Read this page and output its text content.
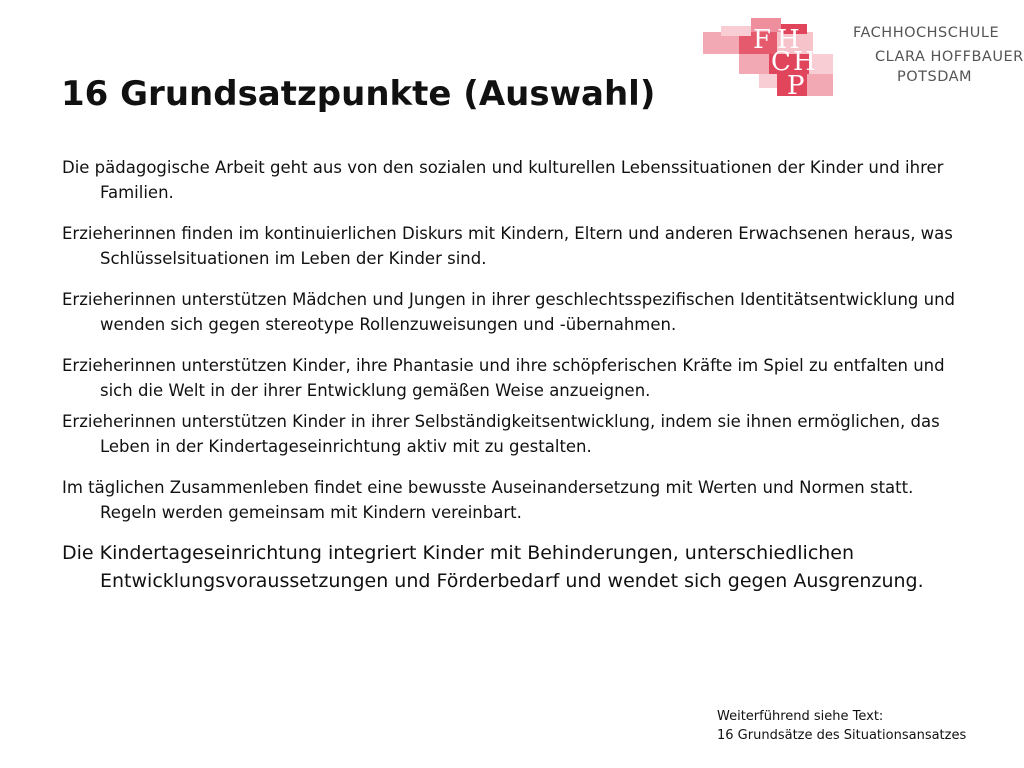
F H
C H
P
FACHHOCHSCHULE
CLARA HOFFBAUER
POTSDAM
16 Grundsatzpunkte (Auswahl)

Die pädagogische Arbeit geht aus von den sozialen und kulturellen Lebenssituationen der Kinder und ihrer Familien.

Erzieherinnen finden im kontinuierlichen Diskurs mit Kindern, Eltern und anderen Erwachsenen heraus, was Schlüsselsituationen im Leben der Kinder sind.

Erzieherinnen unterstützen Mädchen und Jungen in ihrer geschlechtsspezifischen Identitätsentwicklung und wenden sich gegen stereotype Rollenzuweisungen und -übernahmen.

Erzieherinnen unterstützen Kinder, ihre Phantasie und ihre schöpferischen Kräfte im Spiel zu entfalten und sich die Welt in der ihrer Entwicklung gemäßen Weise anzueignen.

Erzieherinnen unterstützen Kinder in ihrer Selbständigkeitsentwicklung, indem sie ihnen ermöglichen, das Leben in der Kindertageseinrichtung aktiv mit zu gestalten.

Im täglichen Zusammenleben findet eine bewusste Auseinandersetzung mit Werten und Normen statt. Regeln werden gemeinsam mit Kindern vereinbart.

Die Kindertageseinrichtung integriert Kinder mit Behinderungen, unterschiedlichen Entwicklungsvoraussetzungen und Förderbedarf und wendet sich gegen Ausgrenzung.

Weiterführend siehe Text:
16 Grundsätze des Situationsansatzes
